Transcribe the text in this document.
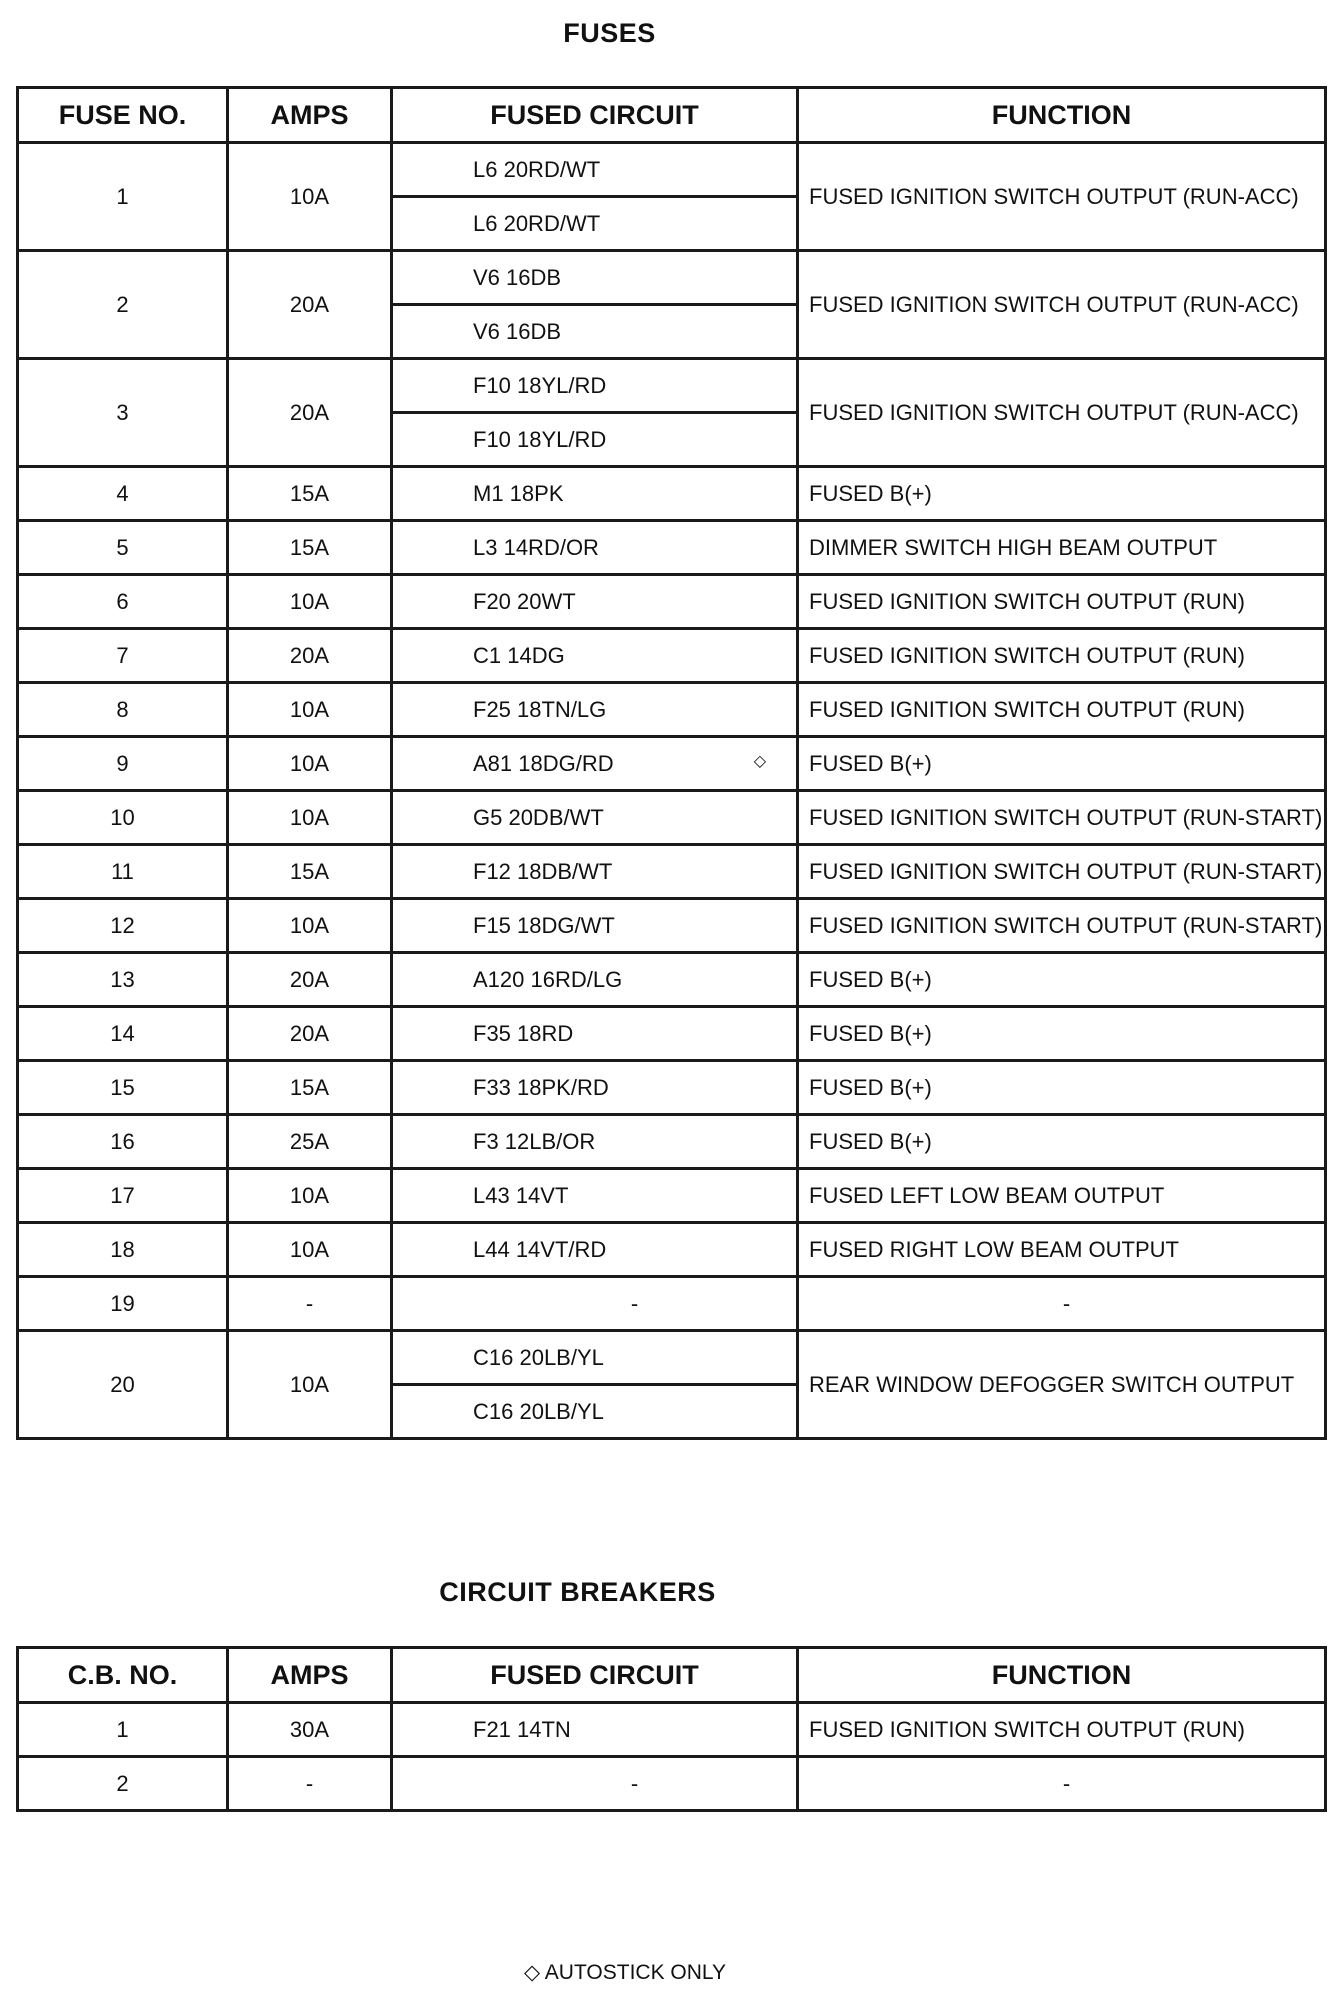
FUSES
FUSE NO.	AMPS	FUSED CIRCUIT	FUNCTION
1	10A	L6 20RD/WT	FUSED IGNITION SWITCH OUTPUT (RUN-ACC)
		L6 20RD/WT	
2	20A	V6 16DB	FUSED IGNITION SWITCH OUTPUT (RUN-ACC)
		V6 16DB	
3	20A	F10 18YL/RD	FUSED IGNITION SWITCH OUTPUT (RUN-ACC)
		F10 18YL/RD	
4	15A	M1 18PK	FUSED B(+)
5	15A	L3 14RD/OR	DIMMER SWITCH HIGH BEAM OUTPUT
6	10A	F20 20WT	FUSED IGNITION SWITCH OUTPUT (RUN)
7	20A	C1 14DG	FUSED IGNITION SWITCH OUTPUT (RUN)
8	10A	F25 18TN/LG	FUSED IGNITION SWITCH OUTPUT (RUN)
9	10A	A81 18DG/RD ◇	FUSED B(+)
10	10A	G5 20DB/WT	FUSED IGNITION SWITCH OUTPUT (RUN-START)
11	15A	F12 18DB/WT	FUSED IGNITION SWITCH OUTPUT (RUN-START)
12	10A	F15 18DG/WT	FUSED IGNITION SWITCH OUTPUT (RUN-START)
13	20A	A120 16RD/LG	FUSED B(+)
14	20A	F35 18RD	FUSED B(+)
15	15A	F33 18PK/RD	FUSED B(+)
16	25A	F3 12LB/OR	FUSED B(+)
17	10A	L43 14VT	FUSED LEFT LOW BEAM OUTPUT
18	10A	L44 14VT/RD	FUSED RIGHT LOW BEAM OUTPUT
19	-	-	-
20	10A	C16 20LB/YL	REAR WINDOW DEFOGGER SWITCH OUTPUT
		C16 20LB/YL	
CIRCUIT BREAKERS
C.B. NO.	AMPS	FUSED CIRCUIT	FUNCTION
1	30A	F21 14TN	FUSED IGNITION SWITCH OUTPUT (RUN)
2	-	-	-
◇ AUTOSTICK ONLY
